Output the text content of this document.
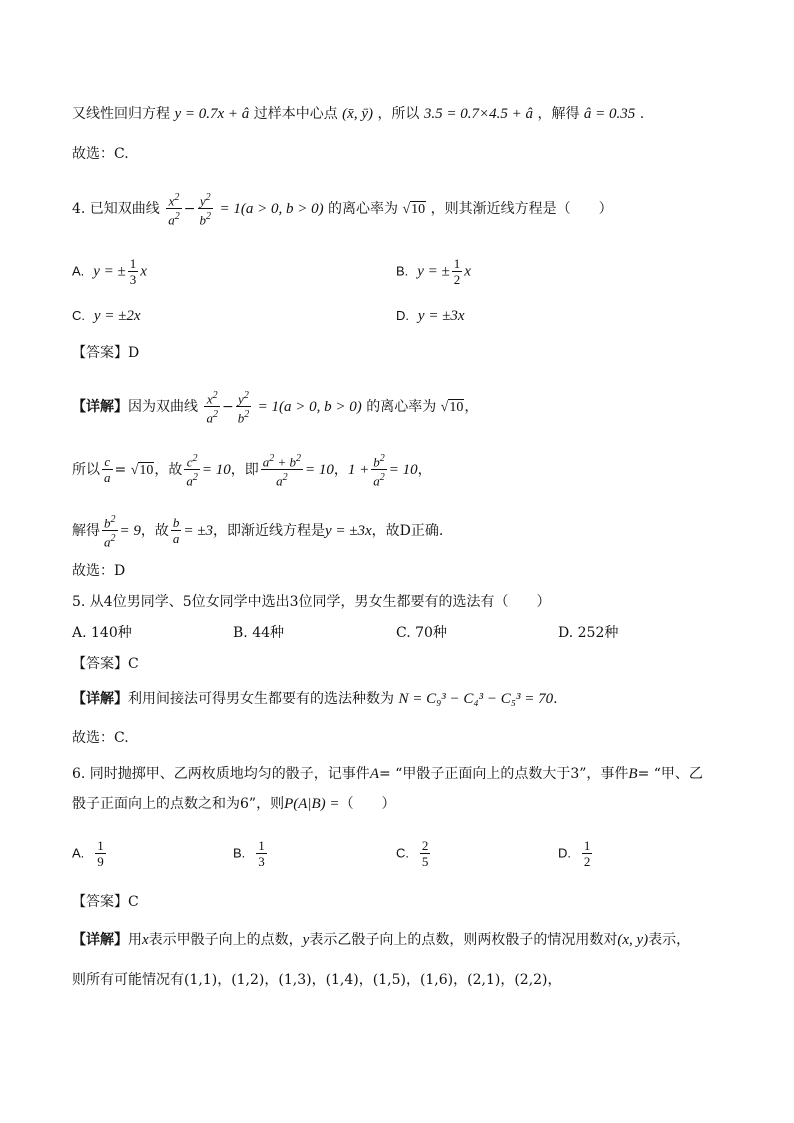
又线性回归方程 y = 0.7x + â 过样本中心点 (x̄, ȳ) ，所以 3.5 = 0.7×4.5 + â ，解得 â = 0.35 .
故选：C.
4. 已知双曲线 $\frac{x^2}{a^2} - \frac{y^2}{b^2} = 1(a > 0$, b > 0) 的离心率为 √10 ，则其渐近线方程是（　　）
A. y = ± $\frac{1}{3}$ x	B. y = ± $\frac{1}{2}$ x
C. y = ±2x	D. y = ±3x
【答案】D
【详解】因为双曲线 $\frac{x^2}{a^2} - \frac{y^2}{b^2} = 1(a > 0$, b > 0) 的离心率为 √10，
所以 $\frac{c}{a} = √10$，故 $\frac{c^2}{a^2} = 10$，即 $\frac{a^2 + b^2}{a^2} = 10$，$1 + \frac{b^2}{a^2} = 10$，
解得 $\frac{b^2}{a^2} = 9$，故 $\frac{b}{a} = \pm 3$，即渐近线方程是y = ±3x，故D正确.
故选：D
5. 从4位男同学、5位女同学中选出3位同学，男女生都要有的选法有（　　）
A. 140种	B. 44种	C. 70种	D. 252种
【答案】C
【详解】利用间接法可得男女生都要有的选法种数为 N = C₉³ − C₄³ − C₅³ = 70.
故选：C.
6. 同时抛掷甲、乙两枚质地均匀的骰子，记事件A= “甲骰子正面向上的点数大于3”，事件B= “甲、乙
骰子正面向上的点数之和为6”，则P(A|B) =（　　）
A. $\frac{1}{9}$	B. $\frac{1}{3}$	C. $\frac{2}{5}$	D. $\frac{1}{2}$
【答案】C
【详解】用x表示甲骰子向上的点数，y表示乙骰子向上的点数，则两枚骰子的情况用数对(x, y)表示，
则所有可能情况有(1,1)，(1,2)，(1,3)，(1,4)，(1,5)，(1,6)，(2,1)，(2,2)，
